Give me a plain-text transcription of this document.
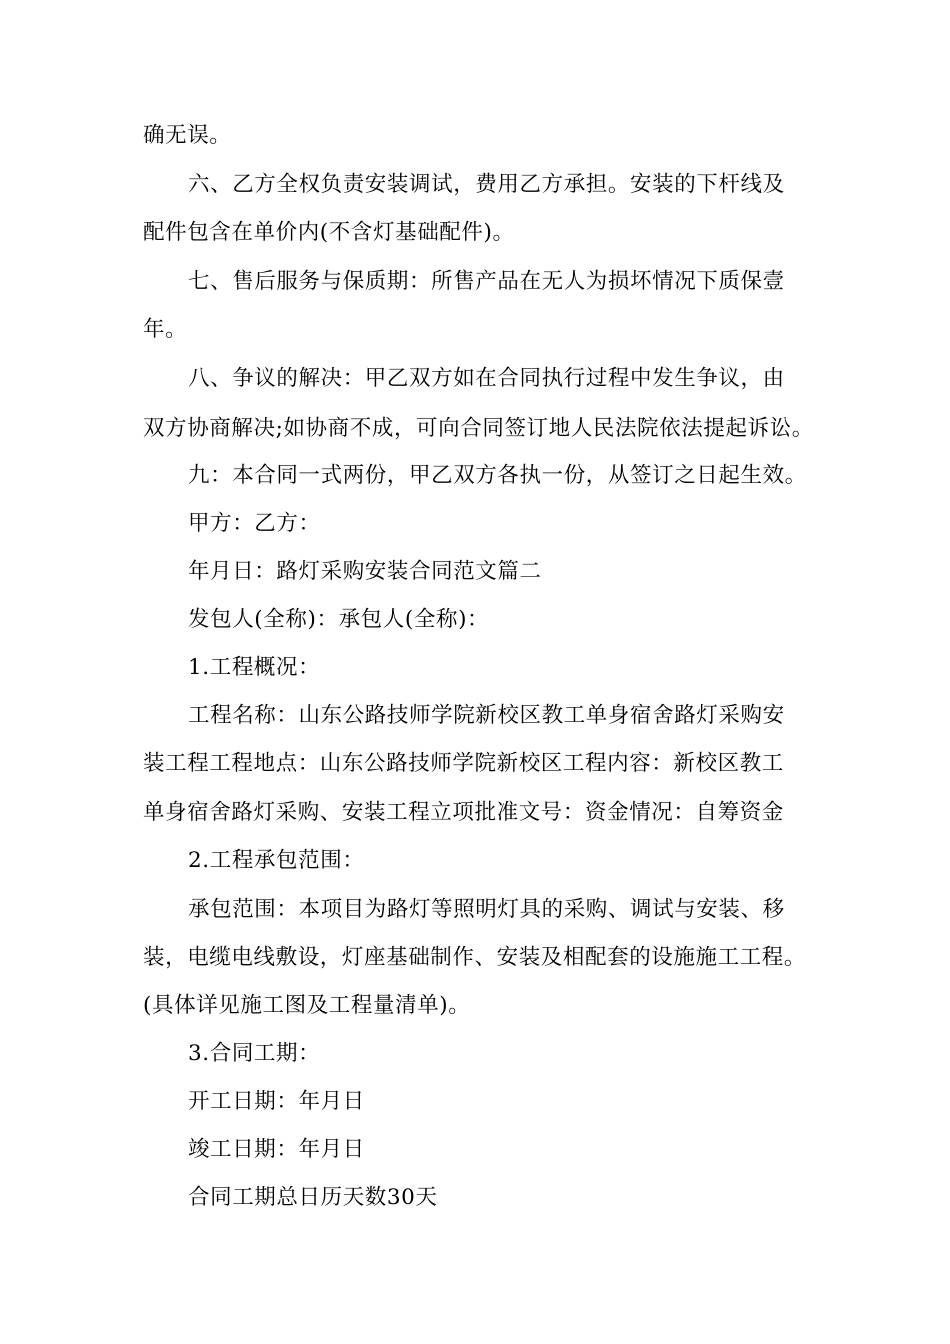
确无误。
六、乙方全权负责安装调试，费用乙方承担。安装的下杆线及
配件包含在单价内(不含灯基础配件)。
七、售后服务与保质期：所售产品在无人为损坏情况下质保壹
年。
八、争议的解决：甲乙双方如在合同执行过程中发生争议，由
双方协商解决;如协商不成，可向合同签订地人民法院依法提起诉讼。
九：本合同一式两份，甲乙双方各执一份，从签订之日起生效。
甲方：乙方：
年月日：路灯采购安装合同范文篇二
发包人(全称)：承包人(全称)：
1.工程概况：
工程名称：山东公路技师学院新校区教工单身宿舍路灯采购安
装工程工程地点：山东公路技师学院新校区工程内容：新校区教工
单身宿舍路灯采购、安装工程立项批准文号：资金情况：自筹资金
2.工程承包范围：
承包范围：本项目为路灯等照明灯具的采购、调试与安装、移
装，电缆电线敷设，灯座基础制作、安装及相配套的设施施工工程。
(具体详见施工图及工程量清单)。
3.合同工期：
开工日期：年月日
竣工日期：年月日
合同工期总日历天数30天
